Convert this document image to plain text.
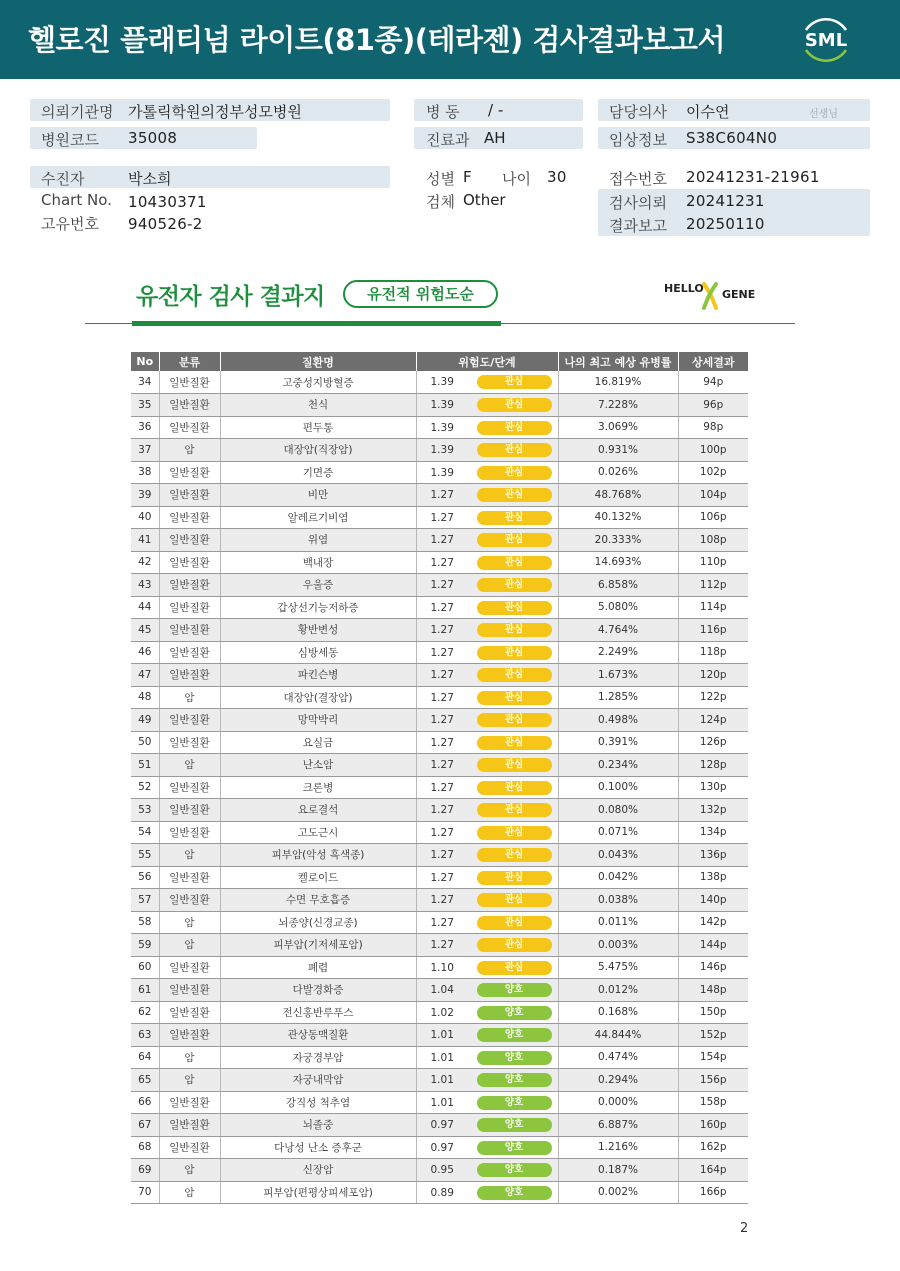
헬로진 플래티넘 라이트(81종)(테라젠) 검사결과보고서	SML
의뢰기관명 가톨릭학원의정부성모병원	병 동 / -	담당의사 이수연	선생님
병원코드 35008	진료과 AH	임상정보 S38C604N0
수진자	박소희	성별 F 나이 30	접수번호 20241231-21961
Chart No. 10430371	검체 Other	검사의뢰 20241231
결과보고 20250110
고유번호 940526-2
유전자 검사 결과지	유전적 위험도순	HELLO GENE
No	분류	질환명	위험도/단계	나의 최고 예상 유병률	상세결과
34	일반질환	고중성지방혈증	1.39 관심	16.819%	94p
35	일반질환	천식	1.39 관심	7.228%	96p
36	일반질환	편두통	1.39 관심	3.069%	98p
37	암	대장암(직장암)	1.39 관심	0.931%	100p
38	일반질환	기면증	1.39 관심	0.026%	102p
39	일반질환	비만	1.27 관심	48.768%	104p
40	일반질환	알레르기비염	1.27 관심	40.132%	106p
41	일반질환	위염	1.27 관심	20.333%	108p
42	일반질환	백내장	1.27 관심	14.693%	110p
43	일반질환	우울증	1.27 관심	6.858%	112p
44	일반질환	갑상선기능저하증	1.27 관심	5.080%	114p
45	일반질환	황반변성	1.27 관심	4.764%	116p
46	일반질환	심방세동	1.27 관심	2.249%	118p
47	일반질환	파킨슨병	1.27 관심	1.673%	120p
48	암	대장암(결장암)	1.27 관심	1.285%	122p
49	일반질환	망막박리	1.27 관심	0.498%	124p
50	일반질환	요실금	1.27 관심	0.391%	126p
51	암	난소암	1.27 관심	0.234%	128p
52	일반질환	크론병	1.27 관심	0.100%	130p
53	일반질환	요로결석	1.27 관심	0.080%	132p
54	일반질환	고도근시	1.27 관심	0.071%	134p
55	암	피부암(악성 흑색종)	1.27 관심	0.043%	136p
56	일반질환	켈로이드	1.27 관심	0.042%	138p
57	일반질환	수면 무호흡증	1.27 관심	0.038%	140p
58	암	뇌종양(신경교종)	1.27 관심	0.011%	142p
59	암	피부암(기저세포암)	1.27 관심	0.003%	144p
60	일반질환	폐렴	1.10 관심	5.475%	146p
61	일반질환	다발경화증	1.04 양호	0.012%	148p
62	일반질환	전신홍반루푸스	1.02 양호	0.168%	150p
63	일반질환	관상동맥질환	1.01 양호	44.844%	152p
64	암	자궁경부암	1.01 양호	0.474%	154p
65	암	자궁내막암	1.01 양호	0.294%	156p
66	일반질환	강직성 척추염	1.01 양호	0.000%	158p
67	일반질환	뇌졸중	0.97 양호	6.887%	160p
68	일반질환	다낭성 난소 증후군	0.97 양호	1.216%	162p
69	암	신장암	0.95 양호	0.187%	164p
70	암	피부암(편평상피세포암)	0.89 양호	0.002%	166p
2
